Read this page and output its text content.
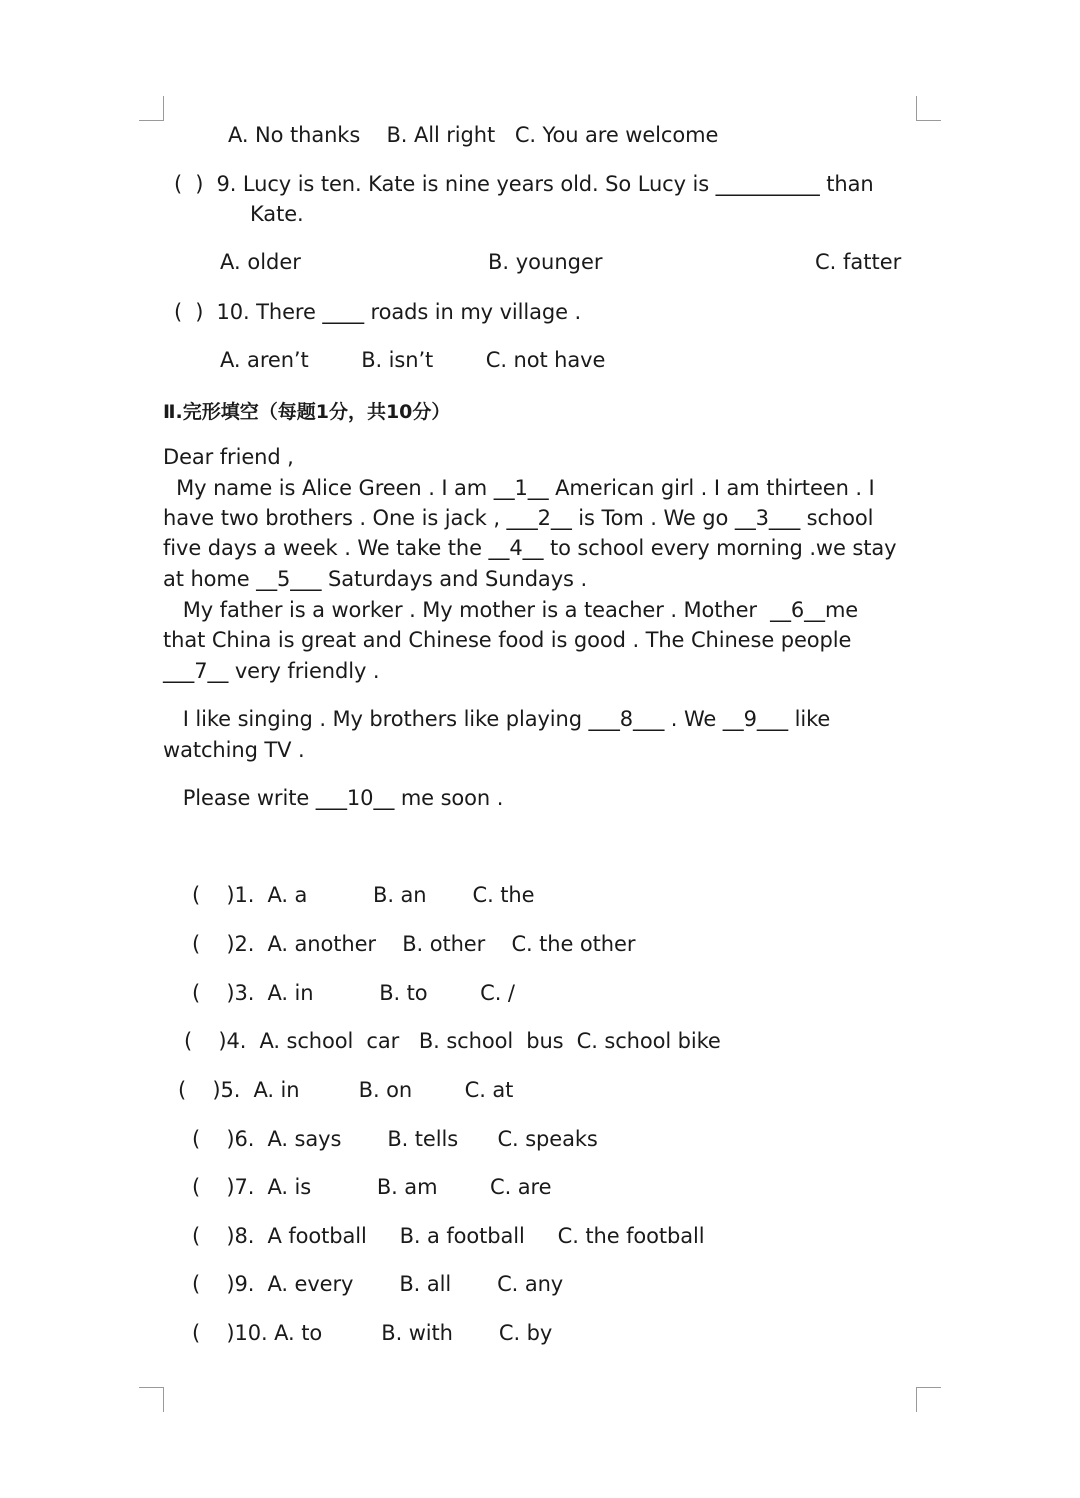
A. No thanks    B. All right   C. You are welcome
(  )  9. Lucy is ten. Kate is nine years old. So Lucy is __________ than
Kate.
A. older	B. younger	C. fatter
(  )  10. There ____ roads in my village .
A. aren’t        B. isn’t        C. not have
Ⅱ.完形填空（每题1分，共10分）
Dear friend ,
My name is Alice Green . I am __1__ American girl . I am thirteen . I
have two brothers . One is jack , ___2__ is Tom . We go __3___ school
five days a week . We take the __4__ to school every morning .we stay
at home __5___ Saturdays and Sundays .
My father is a worker . My mother is a teacher . Mother  __6__me
that China is great and Chinese food is good . The Chinese people
___7__ very friendly .
I like singing . My brothers like playing ___8___ . We __9___ like
watching TV .
Please write ___10__ me soon .
(    )1.  A. a          B. an       C. the
(    )2.  A. another    B. other    C. the other
(    )3.  A. in          B. to        C. /
(    )4.  A. school  car   B. school  bus  C. school bike
(    )5.  A. in         B. on        C. at
(    )6.  A. says       B. tells      C. speaks
(    )7.  A. is          B. am        C. are
(    )8.  A football     B. a football     C. the football
(    )9.  A. every       B. all       C. any
(    )10. A. to         B. with       C. by
